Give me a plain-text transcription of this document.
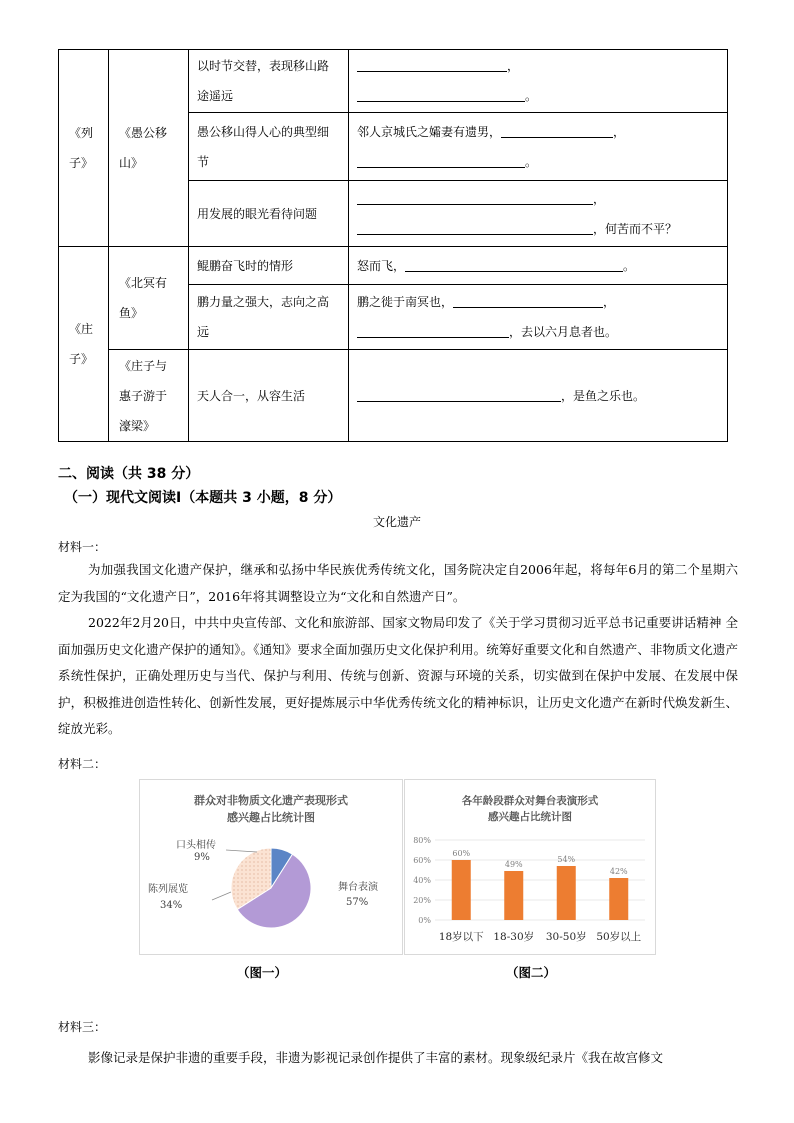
《列子》	《愚公移山》	以时节交替，表现移山路途遥远	，
。

		愚公移山得人心的典型细节	邻人京城氏之孀妻有遗男， ，
。

		用发展的眼光看待问题	，
，何苦而不平？

《庄子》	《北冥有鱼》	鲲鹏奋飞时的情形	怒而飞， 。
		鹏力量之强大，志向之高远	鹏之徙于南冥也， ，
，去以六月息者也。

	《庄子与惠子游于濠梁》	天人合一，从容生活	，是鱼之乐也。
二、阅读（共 38 分）
（一）现代文阅读Ⅰ（本题共 3 小题，8 分）
文化遗产
材料一：

为加强我国文化遗产保护，继承和弘扬中华民族优秀传统文化，国务院决定自2006年起，将每年6月的第二个星期六定为我国的“文化遗产日”，2016年将其调整设立为“文化和自然遗产日”。

2022年2月20日，中共中央宣传部、文化和旅游部、国家文物局印发了《关于学习贯彻习近平总书记重要讲话精神 全面加强历史文化遗产保护的通知》。《通知》要求全面加强历史文化保护利用。统筹好重要文化和自然遗产、非物质文化遗产系统性保护，正确处理历史与当代、保护与利用、传统与创新、资源与环境的关系，切实做到在保护中发展、在发展中保护，积极推进创造性转化、创新性发展，更好提炼展示中华优秀传统文化的精神标识，让历史文化遗产在新时代焕发新生、绽放光彩。

材料二：
群众对非物质文化遗产表现形式
感兴趣占比统计图
舞台表演
57%
陈列展览
34%
口头相传
9%
各年龄段群众对舞台表演形式
感兴趣占比统计图
0%
20%
40%
60%
80%
60%
18岁以下
49%
18-30岁
54%
30-50岁
42%
50岁以上
（图一）	（图二）
材料三：

影像记录是保护非遗的重要手段，非遗为影视记录创作提供了丰富的素材。现象级纪录片《我在故宫修文
